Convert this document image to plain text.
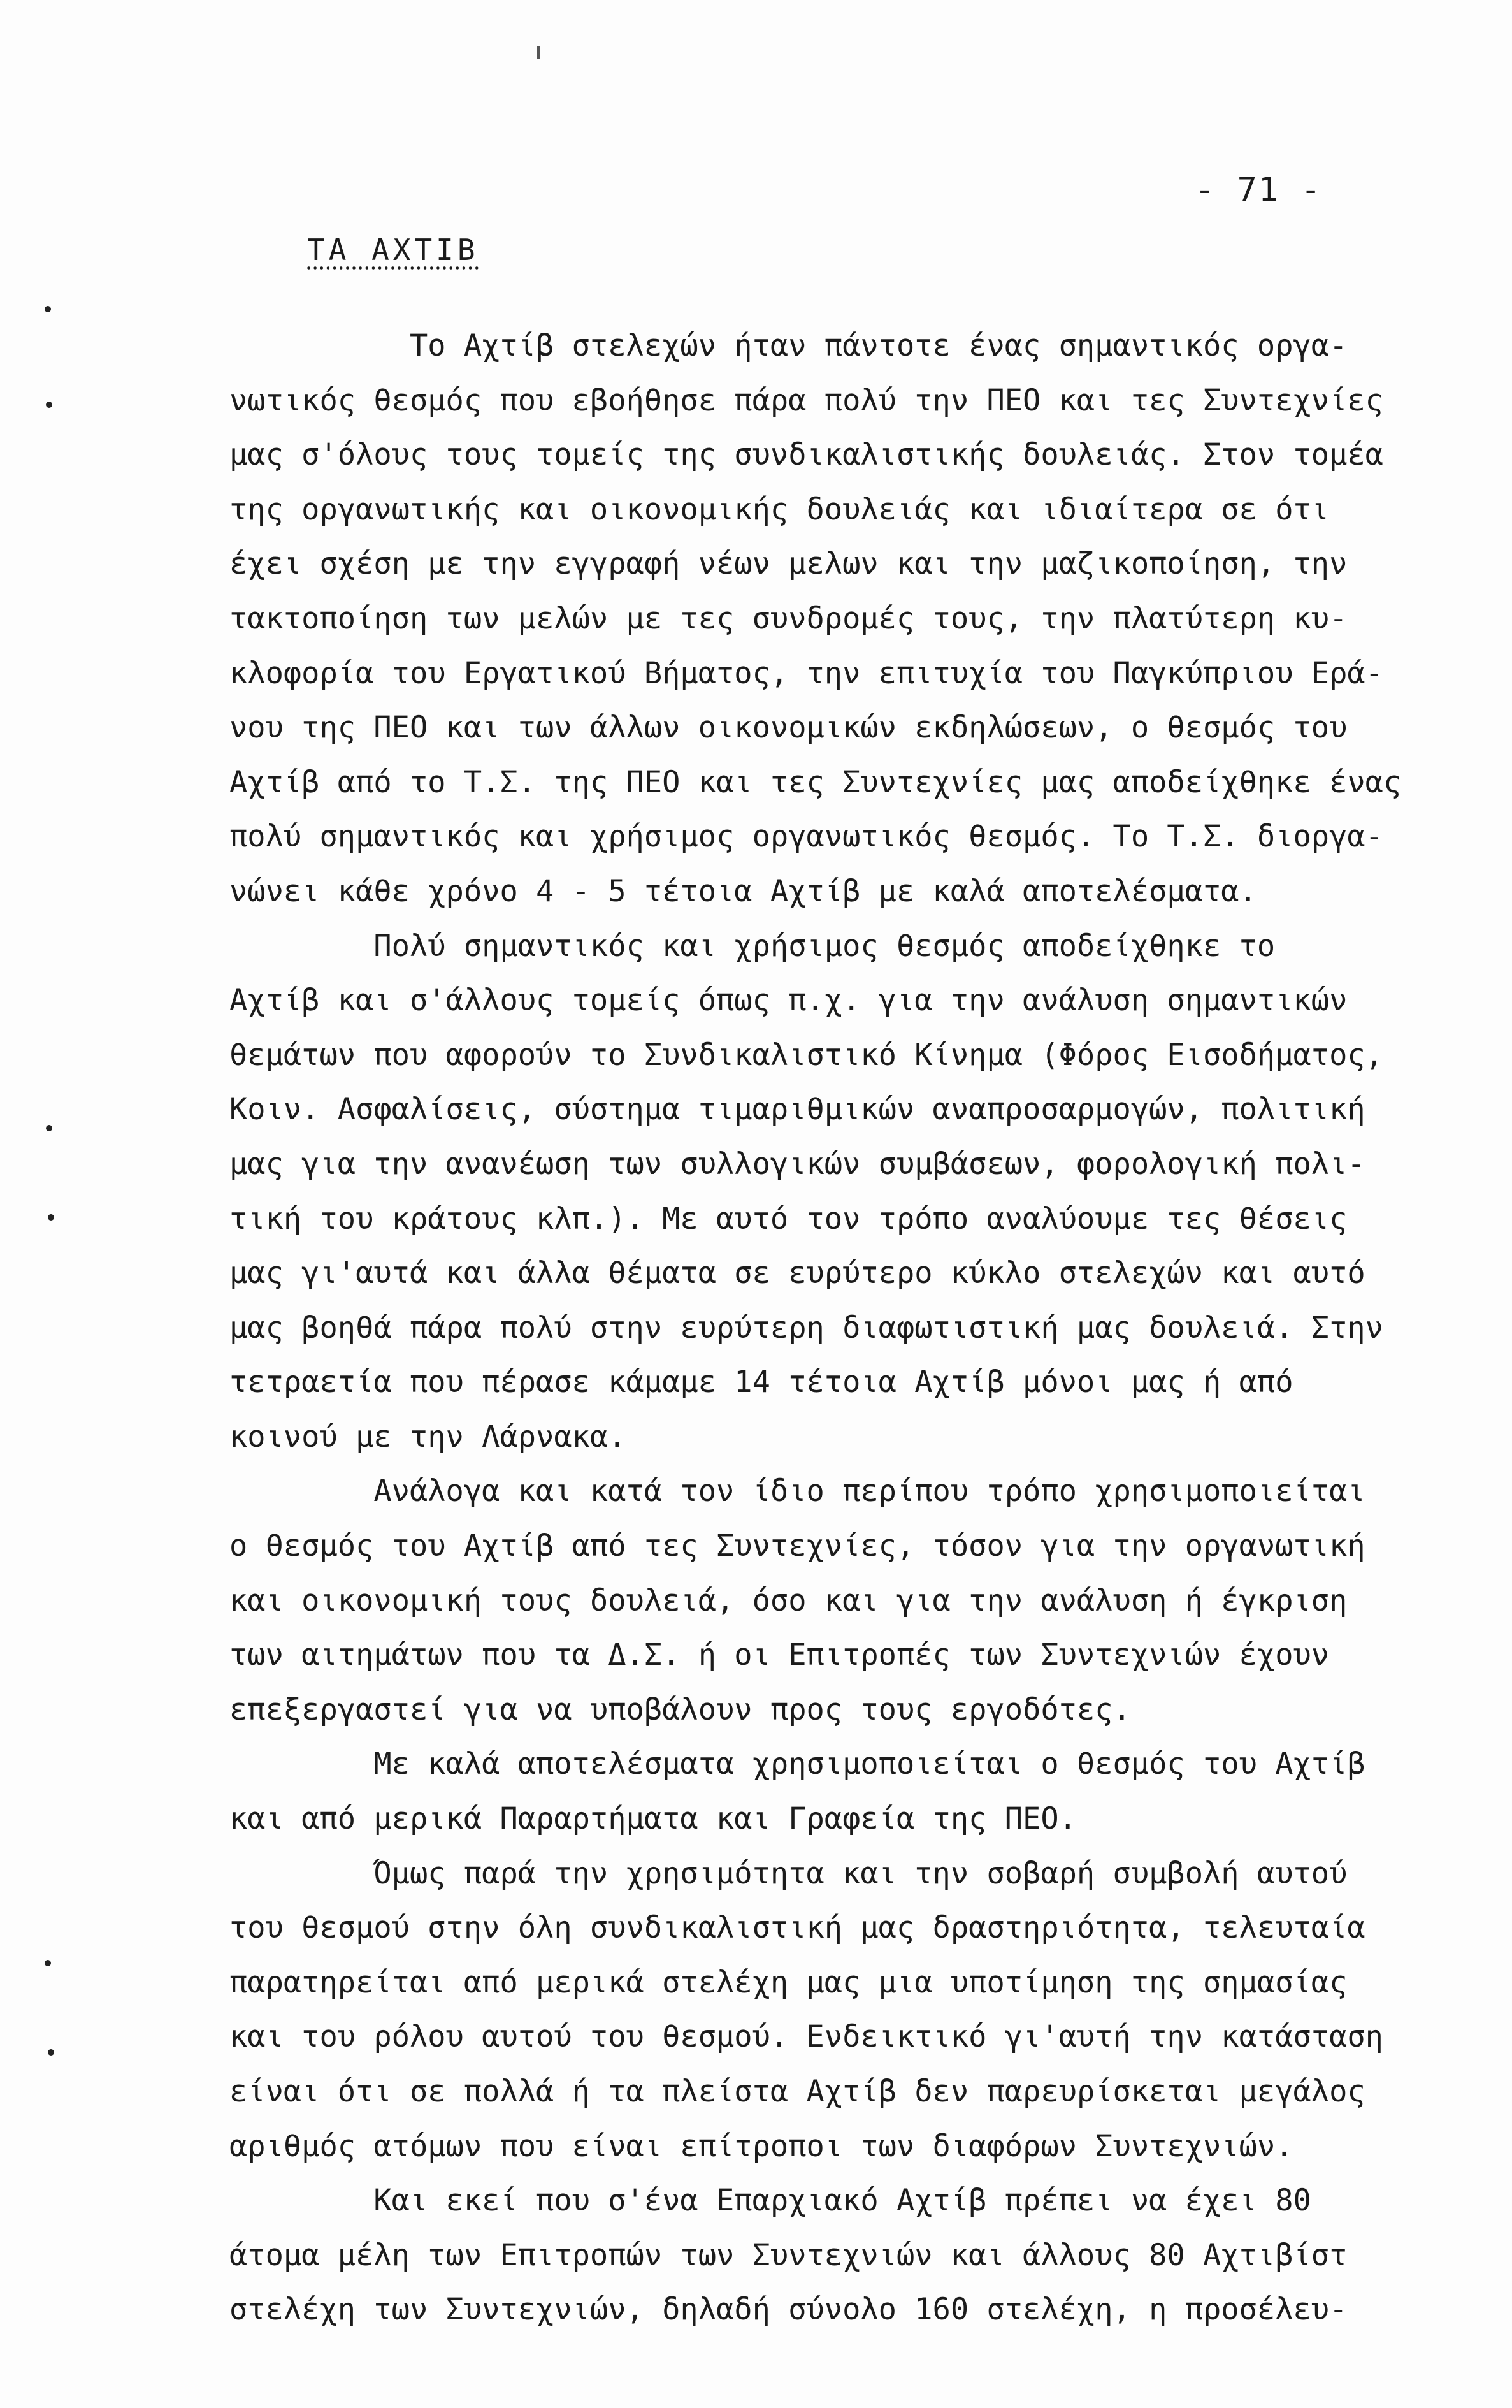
- 71 -
ΤΑ ΑΧΤΙΒ
Το Αχτίβ στελεχών ήταν πάντοτε ένας σημαντικός οργα-
νωτικός θεσμός που εβοήθησε πάρα πολύ την ΠΕΟ και τες Συντεχνίες
μας σ'όλους τους τομείς της συνδικαλιστικής δουλειάς. Στον τομέα
της οργανωτικής και οικονομικής δουλειάς και ιδιαίτερα σε ότι
έχει σχέση με την εγγραφή νέων μελων και την μαζικοποίηση, την
τακτοποίηση των μελών με τες συνδρομές τους, την πλατύτερη κυ-
κλοφορία του Εργατικού Βήματος, την επιτυχία του Παγκύπριου Ερά-
νου της ΠΕΟ και των άλλων οικονομικών εκδηλώσεων, ο θεσμός του
Αχτίβ από το Τ.Σ. της ΠΕΟ και τες Συντεχνίες μας αποδείχθηκε ένας
πολύ σημαντικός και χρήσιμος οργανωτικός θεσμός. Το Τ.Σ. διοργα-
νώνει κάθε χρόνο 4 - 5 τέτοια Αχτίβ με καλά αποτελέσματα.
Πολύ σημαντικός και χρήσιμος θεσμός αποδείχθηκε το
Αχτίβ και σ'άλλους τομείς όπως π.χ. για την ανάλυση σημαντικών
θεμάτων που αφορούν το Συνδικαλιστικό Κίνημα (Φόρος Εισοδήματος,
Κοιν. Ασφαλίσεις, σύστημα τιμαριθμικών αναπροσαρμογών, πολιτική
μας για την ανανέωση των συλλογικών συμβάσεων, φορολογική πολι-
τική του κράτους κλπ.). Με αυτό τον τρόπο αναλύουμε τες θέσεις
μας γι'αυτά και άλλα θέματα σε ευρύτερο κύκλο στελεχών και αυτό
μας βοηθά πάρα πολύ στην ευρύτερη διαφωτιστική μας δουλειά. Στην
τετραετία που πέρασε κάμαμε 14 τέτοια Αχτίβ μόνοι μας ή από
κοινού με την Λάρνακα.
Ανάλογα και κατά τον ίδιο περίπου τρόπο χρησιμοποιείται
ο θεσμός του Αχτίβ από τες Συντεχνίες, τόσον για την οργανωτική
και οικονομική τους δουλειά, όσο και για την ανάλυση ή έγκριση
των αιτημάτων που τα Δ.Σ. ή οι Επιτροπές των Συντεχνιών έχουν
επεξεργαστεί για να υποβάλουν προς τους εργοδότες.
Με καλά αποτελέσματα χρησιμοποιείται ο θεσμός του Αχτίβ
και από μερικά Παραρτήματα και Γραφεία της ΠΕΟ.
Όμως παρά την χρησιμότητα και την σοβαρή συμβολή αυτού
του θεσμού στην όλη συνδικαλιστική μας δραστηριότητα, τελευταία
παρατηρείται από μερικά στελέχη μας μια υποτίμηση της σημασίας
και του ρόλου αυτού του θεσμού. Ενδεικτικό γι'αυτή την κατάσταση
είναι ότι σε πολλά ή τα πλείστα Αχτίβ δεν παρευρίσκεται μεγάλος
αριθμός ατόμων που είναι επίτροποι των διαφόρων Συντεχνιών.
Και εκεί που σ'ένα Επαρχιακό Αχτίβ πρέπει να έχει 80
άτομα μέλη των Επιτροπών των Συντεχνιών και άλλους 80 Αχτιβίστ
στελέχη των Συντεχνιών, δηλαδή σύνολο 160 στελέχη, η προσέλευ-
